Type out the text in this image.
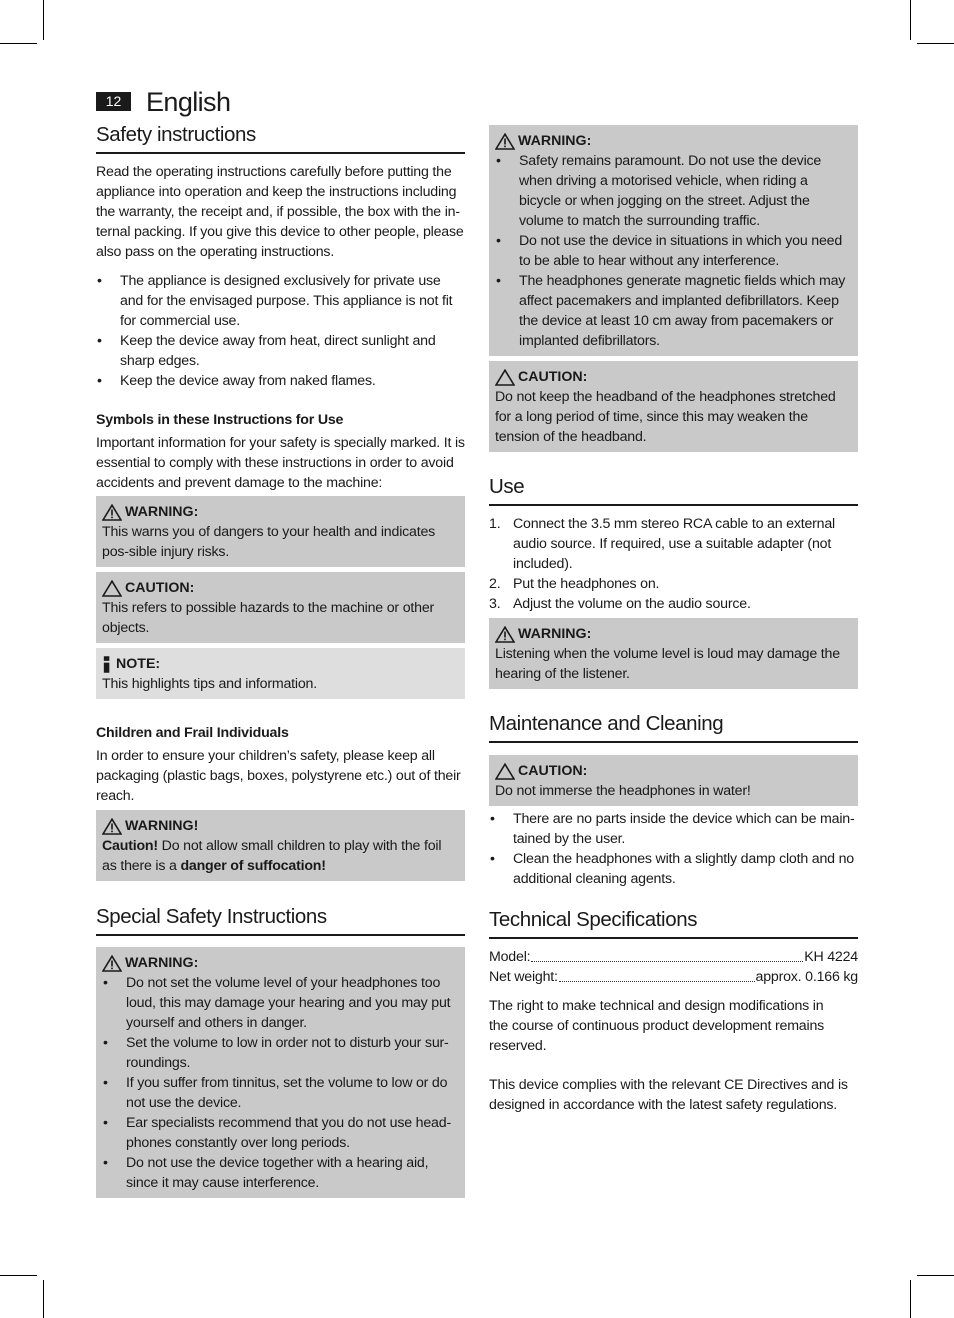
12 English
Safety instructions

Read the operating instructions carefully before putting the appliance into operation and keep the instructions including the warranty, the receipt and, if possible, the box with the in-ternal packing. If you give this device to other people, please also pass on the operating instructions.

• The appliance is designed exclusively for private use and for the envisaged purpose. This appliance is not fit for commercial use.
• Keep the device away from heat, direct sunlight and sharp edges.
• Keep the device away from naked flames.
Symbols in these Instructions for Use

Important information for your safety is specially marked. It is essential to comply with these instructions in order to avoid accidents and prevent damage to the machine:

WARNING:

This warns you of dangers to your health and indicates pos-sible injury risks.

CAUTION:

This refers to possible hazards to the machine or other objects.

NOTE:

This highlights tips and information.

Children and Frail Individuals

In order to ensure your children’s safety, please keep all packaging (plastic bags, boxes, polystyrene etc.) out of their reach.

WARNING!

Caution! Do not allow small children to play with the foil as there is a danger of suffocation!

Special Safety Instructions
WARNING:
• Do not set the volume level of your headphones too loud, this may damage your hearing and you may put yourself and others in danger.
• Set the volume to low in order not to disturb your sur-roundings.
• If you suffer from tinnitus, set the volume to low or do not use the device.
• Ear specialists recommend that you do not use head-phones constantly over long periods.
• Do not use the device together with a hearing aid, since it may cause interference.
WARNING:
• Safety remains paramount. Do not use the device when driving a motorised vehicle, when riding a bicycle or when jogging on the street. Adjust the volume to match the surrounding traffic.
• Do not use the device in situations in which you need to be able to hear without any interference.
• The headphones generate magnetic fields which may affect pacemakers and implanted defibrillators. Keep the device at least 10 cm away from pacemakers or implanted defibrillators.
CAUTION:

Do not keep the headband of the headphones stretched for a long period of time, since this may weaken the tension of the headband.

Use
1. Connect the 3.5 mm stereo RCA cable to an external audio source. If required, use a suitable adapter (not included).
2. Put the headphones on.
3. Adjust the volume on the audio source.
WARNING:

Listening when the volume level is loud may damage the hearing of the listener.

Maintenance and Cleaning
CAUTION:

Do not immerse the headphones in water!

• There are no parts inside the device which can be main-tained by the user.
• Clean the headphones with a slightly damp cloth and no additional cleaning agents.
Technical Specifications
Model:	KH 4224
Net weight:	approx. 0.166 kg

The right to make technical and design modifications in the course of continuous product development remains reserved.

This device complies with the relevant CE Directives and is designed in accordance with the latest safety regulations.
